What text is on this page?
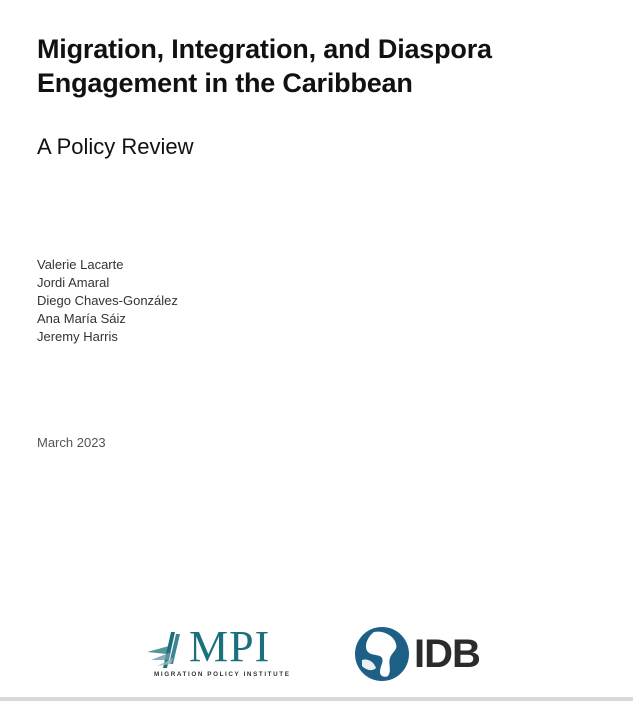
Migration, Integration, and Diaspora
Engagement in the Caribbean
A Policy Review
Valerie Lacarte
Jordi Amaral
Diego Chaves-González
Ana María Sáiz
Jeremy Harris
March 2023
MPI
MIGRATION POLICY INSTITUTE	IDB
